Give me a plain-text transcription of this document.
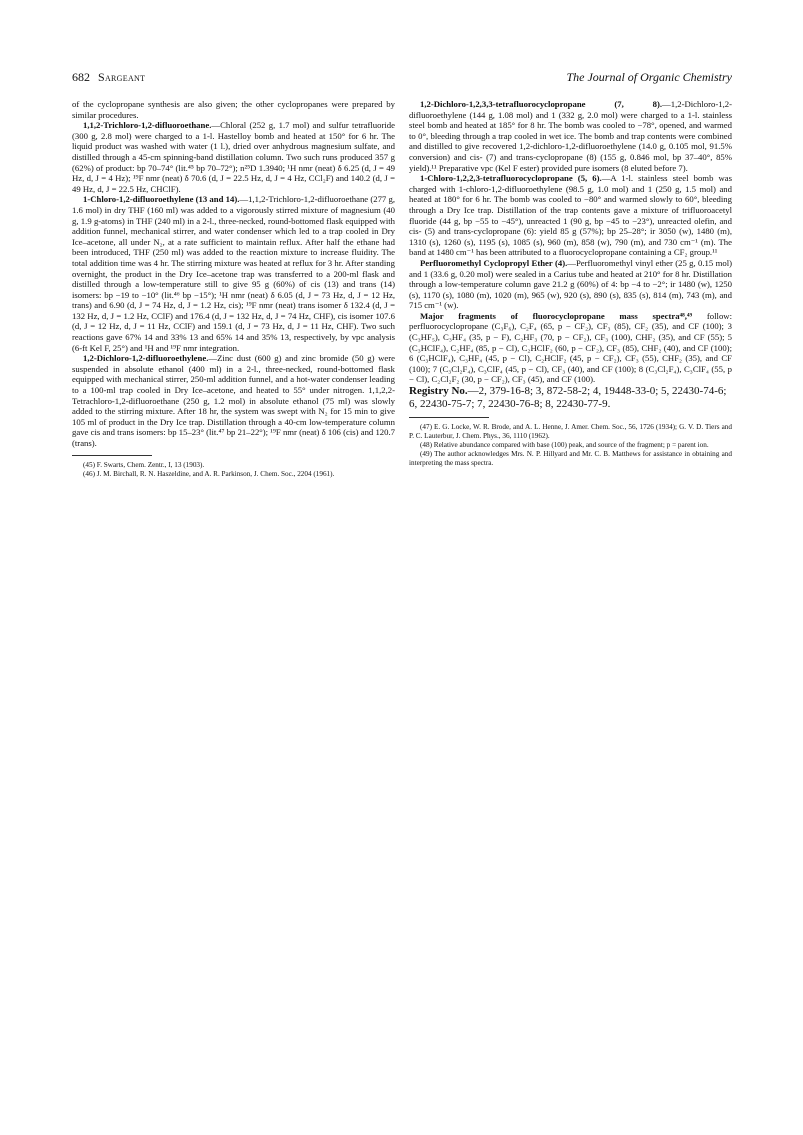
682 Sargeant	The Journal of Organic Chemistry

of the cyclopropane synthesis are also given; the other cyclopropanes were prepared by similar procedures.

1,1,2-Trichloro-1,2-difluoroethane.—Chloral (252 g, 1.7 mol) and sulfur tetrafluoride (300 g, 2.8 mol) were charged to a 1-l. Hastelloy bomb and heated at 150° for 6 hr. The liquid product was washed with water (1 l.), dried over anhydrous magnesium sulfate, and distilled through a 45-cm spinning-band distillation column. Two such runs produced 357 g (62%) of product: bp 70–74° (lit.⁴⁵ bp 70–72°); n²⁵D 1.3940; ¹H nmr (neat) δ 6.25 (d, J = 49 Hz, d, J = 4 Hz); ¹⁹F nmr (neat) δ 70.6 (d, J = 22.5 Hz, d, J = 4 Hz, CCl₂F) and 140.2 (d, J = 49 Hz, d, J = 22.5 Hz, CHClF).

1-Chloro-1,2-difluoroethylene (13 and 14).—1,1,2-Trichloro-1,2-difluoroethane (277 g, 1.6 mol) in dry THF (160 ml) was added to a vigorously stirred mixture of magnesium (40 g, 1.9 g-atoms) in THF (240 ml) in a 2-l., three-necked, round-bottomed flask equipped with addition funnel, mechanical stirrer, and water condenser which led to a trap cooled in Dry Ice–acetone, all under N₂, at a rate sufficient to maintain reflux. After half the ethane had been introduced, THF (250 ml) was added to the reaction mixture to increase fluidity. The total addition time was 4 hr. The stirring mixture was heated at reflux for 3 hr. After standing overnight, the product in the Dry Ice–acetone trap was transferred to a 200-ml flask and distilled through a low-temperature still to give 95 g (60%) of cis (13) and trans (14) isomers: bp −19 to −10° (lit.⁴⁶ bp −15°); ¹H nmr (neat) δ 6.05 (d, J = 73 Hz, d, J = 12 Hz, trans) and 6.90 (d, J = 74 Hz, d, J = 1.2 Hz, cis); ¹⁹F nmr (neat) trans isomer δ 132.4 (d, J = 132 Hz, d, J = 1.2 Hz, CClF) and 176.4 (d, J = 132 Hz, d, J = 74 Hz, CHF), cis isomer 107.6 (d, J = 12 Hz, d, J = 11 Hz, CClF) and 159.1 (d, J = 73 Hz, d, J = 11 Hz, CHF). Two such reactions gave 67% 14 and 33% 13 and 65% 14 and 35% 13, respectively, by vpc analysis (6-ft Kel F, 25°) and ¹H and ¹⁹F nmr integration.

1,2-Dichloro-1,2-difluoroethylene.—Zinc dust (600 g) and zinc bromide (50 g) were suspended in absolute ethanol (400 ml) in a 2-l., three-necked, round-bottomed flask equipped with mechanical stirrer, 250-ml addition funnel, and a hot-water condenser leading to a 100-ml trap cooled in Dry Ice–acetone, and heated to 55° under nitrogen. 1,1,2,2-Tetrachloro-1,2-difluoroethane (250 g, 1.2 mol) in absolute ethanol (75 ml) was slowly added to the stirring mixture. After 18 hr, the system was swept with N₂ for 15 min to give 105 ml of product in the Dry Ice trap. Distillation through a 40-cm low-temperature column gave cis and trans isomers: bp 15–23° (lit.⁴⁷ bp 21–22°); ¹⁹F nmr (neat) δ 106 (cis) and 120.7 (trans).

(45) F. Swarts, Chem. Zentr., I, 13 (1903).

(46) J. M. Birchall, R. N. Haszeldine, and A. R. Parkinson, J. Chem. Soc., 2204 (1961).

1,2-Dichloro-1,2,3,3-tetrafluorocyclopropane (7, 8).—1,2-Dichloro-1,2-difluoroethylene (144 g, 1.08 mol) and 1 (332 g, 2.0 mol) were charged to a 1-l. stainless steel bomb and heated at 185° for 8 hr. The bomb was cooled to −78°, opened, and warmed to 0°, bleeding through a trap cooled in wet ice. The bomb and trap contents were combined and distilled to give recovered 1,2-dichloro-1,2-difluoroethylene (14.0 g, 0.105 mol, 91.5% conversion) and cis- (7) and trans-cyclopropane (8) (155 g, 0.846 mol, bp 37–40°, 85% yield).¹¹ Preparative vpc (Kel F ester) provided pure isomers (8 eluted before 7).

1-Chloro-1,2,2,3-tetrafluorocyclopropane (5, 6).—A 1-l. stainless steel bomb was charged with 1-chloro-1,2-difluoroethylene (98.5 g, 1.0 mol) and 1 (250 g, 1.5 mol) and heated at 180° for 6 hr. The bomb was cooled to −80° and warmed slowly to 60°, bleeding through a Dry Ice trap. Distillation of the trap contents gave a mixture of trifluoroacetyl fluoride (44 g, bp −55 to −45°), unreacted 1 (90 g, bp −45 to −23°), unreacted olefin, and cis- (5) and trans-cyclopropane (6): yield 85 g (57%); bp 25–28°; ir 3050 (w), 1480 (m), 1310 (s), 1260 (s), 1195 (s), 1085 (s), 960 (m), 858 (w), 790 (m), and 730 cm⁻¹ (m). The band at 1480 cm⁻¹ has been attributed to a fluorocyclopropane containing a CF₂ group.¹¹

Perfluoromethyl Cyclopropyl Ether (4).—Perfluoromethyl vinyl ether (25 g, 0.15 mol) and 1 (33.6 g, 0.20 mol) were sealed in a Carius tube and heated at 210° for 8 hr. Distillation through a low-temperature column gave 21.2 g (60%) of 4: bp −4 to −2°; ir 1480 (w), 1250 (s), 1170 (s), 1080 (m), 1020 (m), 965 (w), 920 (s), 890 (s), 835 (s), 814 (m), 743 (m), and 715 cm⁻¹ (w).

Major fragments of fluorocyclopropane mass spectra⁴⁸,⁴⁹ follow: perfluorocyclopropane (C₃F₆), C₂F₄ (65, p − CF₂), CF₃ (85), CF₂ (35), and CF (100); 3 (C₃HF₅), C₃HF₄ (35, p − F), C₂HF₃ (70, p − CF₂), CF₃ (100), CHF₂ (35), and CF (55); 5 (C₃HClF₄), C₂HF₄ (85, p − Cl), C₂HClF₂ (60, p − CF₂), CF₃ (85), CHF₂ (40), and CF (100); 6 (C₃HClF₄), C₃HF₄ (45, p − Cl), C₂HClF₂ (45, p − CF₂), CF₃ (55), CHF₂ (35), and CF (100); 7 (C₃Cl₂F₄), C₃ClF₄ (45, p − Cl), CF₃ (40), and CF (100); 8 (C₃Cl₂F₄), C₃ClF₄ (55, p − Cl), C₂Cl₂F₂ (30, p − CF₂), CF₃ (45), and CF (100).

Registry No.—2, 379-16-8; 3, 872-58-2; 4, 19448-33-0; 5, 22430-74-6; 6, 22430-75-7; 7, 22430-76-8; 8, 22430-77-9.

(47) E. G. Locke, W. R. Brode, and A. L. Henne, J. Amer. Chem. Soc., 56, 1726 (1934); G. V. D. Tiers and P. C. Lauterbur, J. Chem. Phys., 36, 1110 (1962).

(48) Relative abundance compared with base (100) peak, and source of the fragment; p = parent ion.

(49) The author acknowledges Mrs. N. P. Hillyard and Mr. C. B. Matthews for assistance in obtaining and interpreting the mass spectra.
